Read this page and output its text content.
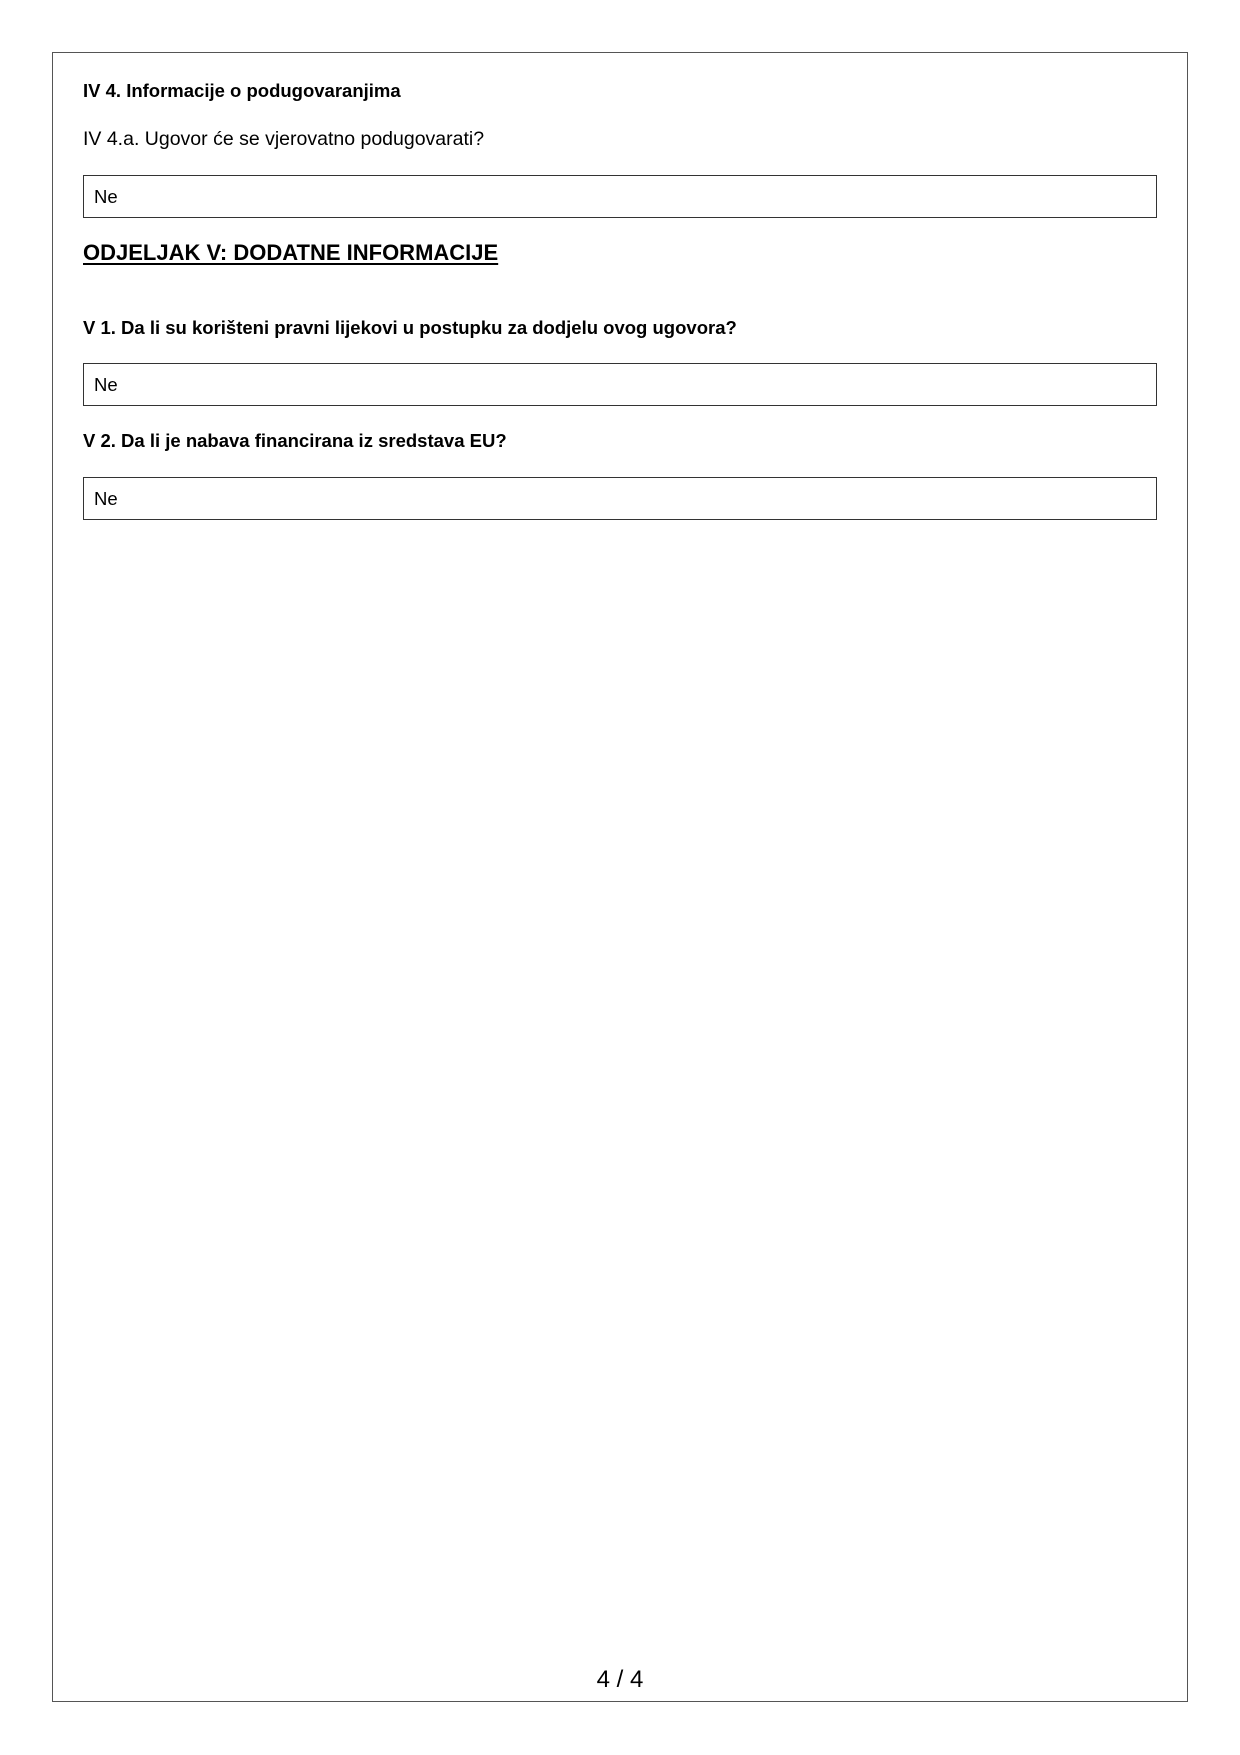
IV 4. Informacije o podugovaranjima

IV 4.a. Ugovor će se vjerovatno podugovarati?

Ne

ODJELJAK V: DODATNE INFORMACIJE

V 1. Da li su korišteni pravni lijekovi u postupku za dodjelu ovog ugovora?

Ne

V 2. Da li je nabava financirana iz sredstava EU?

Ne

4 / 4
